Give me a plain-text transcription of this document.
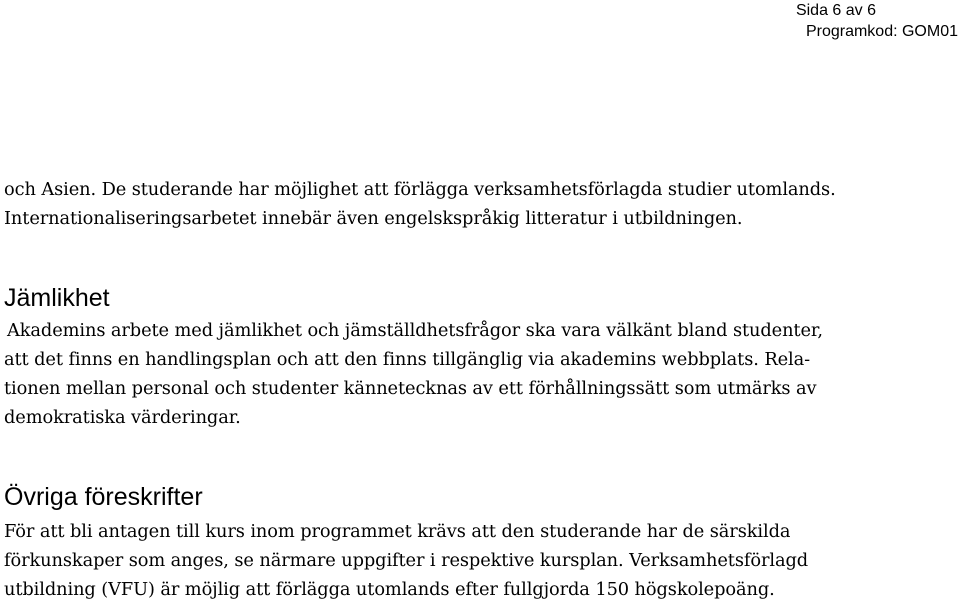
Sida 6 av 6
Programkod: GOM01
och Asien. De studerande har möjlighet att förlägga verksamhetsförlagda studier utomlands.
Internationaliseringsarbetet innebär även engelskspråkig litteratur i utbildningen.
Jämlikhet
Akademins arbete med jämlikhet och jämställdhetsfrågor ska vara välkänt bland studenter,
att det finns en handlingsplan och att den finns tillgänglig via akademins webbplats. Rela-
tionen mellan personal och studenter kännetecknas av ett förhållningssätt som utmärks av
demokratiska värderingar.
Övriga föreskrifter
För att bli antagen till kurs inom programmet krävs att den studerande har de särskilda
förkunskaper som anges, se närmare uppgifter i respektive kursplan. Verksamhetsförlagd
utbildning (VFU) är möjlig att förlägga utomlands efter fullgjorda 150 högskolepoäng.
